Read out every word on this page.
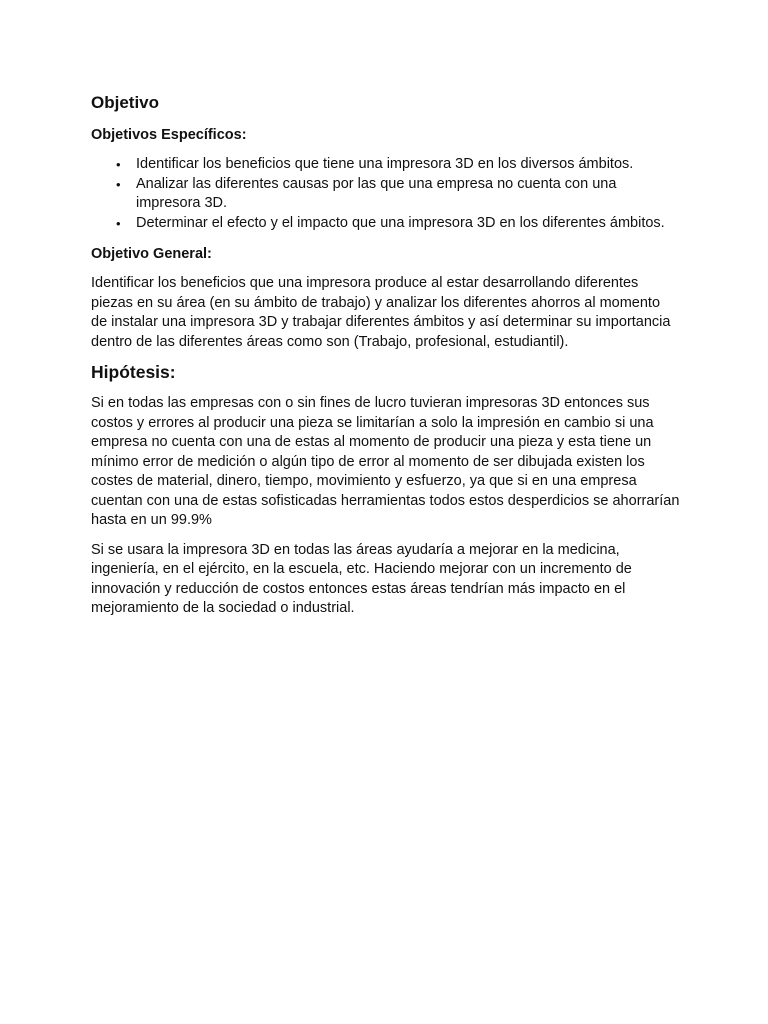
Objetivo
Objetivos Específicos:
• Identificar los beneficios que tiene una impresora 3D en los diversos ámbitos.
• Analizar las diferentes causas por las que una empresa no cuenta con una impresora 3D.
• Determinar el efecto y el impacto que una impresora 3D en los diferentes ámbitos.
Objetivo General:

Identificar los beneficios que una impresora produce al estar desarrollando diferentes piezas en su área (en su ámbito de trabajo) y analizar los diferentes ahorros al momento de instalar una impresora 3D y trabajar diferentes ámbitos y así determinar su importancia dentro de las diferentes áreas como son (Trabajo, profesional, estudiantil).

Hipótesis:

Si en todas las empresas con o sin fines de lucro tuvieran impresoras 3D entonces sus costos y errores al producir una pieza se limitarían a solo la impresión en cambio si una empresa no cuenta con una de estas al momento de producir una pieza y esta tiene un mínimo error de medición o algún tipo de error al momento de ser dibujada existen los costes de material, dinero, tiempo, movimiento y esfuerzo, ya que si en una empresa cuentan con una de estas sofisticadas herramientas todos estos desperdicios se ahorrarían hasta en un 99.9%

Si se usara la impresora 3D en todas las áreas ayudaría a mejorar en la medicina, ingeniería, en el ejército, en la escuela, etc. Haciendo mejorar con un incremento de innovación y reducción de costos entonces estas áreas tendrían más impacto en el mejoramiento de la sociedad o industrial.
